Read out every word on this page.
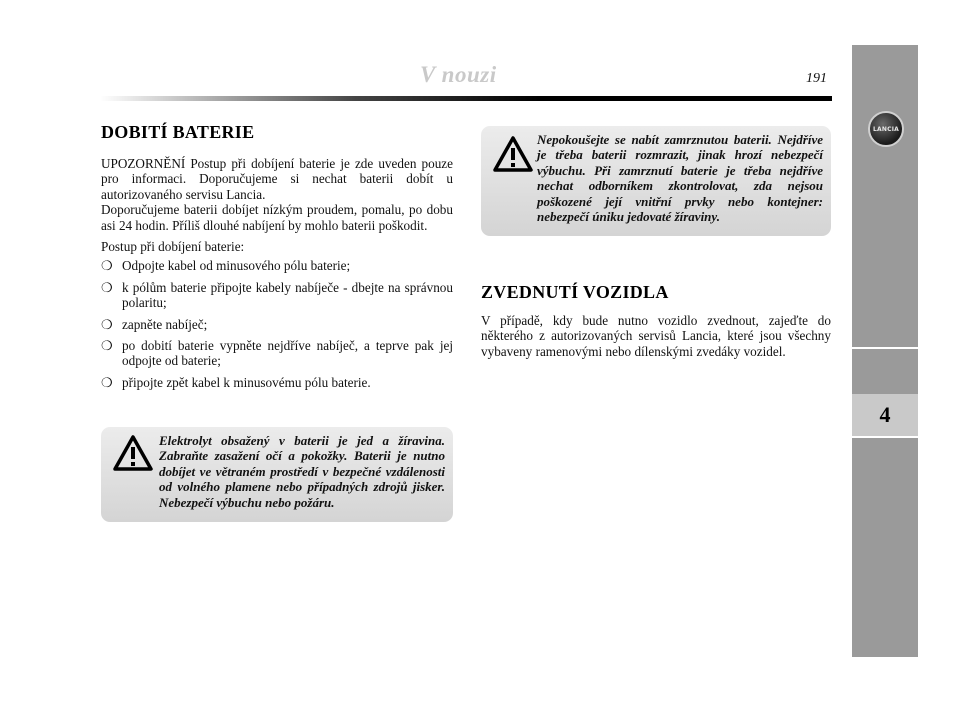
V nouzi	191
LANCIA
4
DOBITÍ BATERIE

UPOZORNĚNÍ Postup při dobíjení baterie je zde uveden pouze pro informaci. Doporučujeme si nechat baterii dobít u autorizovaného servisu Lancia.

Doporučujeme baterii dobíjet nízkým proudem, pomalu, po dobu asi 24 hodin. Příliš dlouhé nabíjení by mohlo baterii poškodit.

Postup při dobíjení baterie:

❍ Odpojte kabel od minusového pólu baterie;
❍ k pólům baterie připojte kabely nabíječe - dbejte na správnou polaritu;
❍ zapněte nabíječ;
❍ po dobití baterie vypněte nejdříve nabíječ, a teprve pak jej odpojte od baterie;
❍ připojte zpět kabel k minusovému pólu baterie.
Elektrolyt obsažený v baterii je jed a žíravina. Zabraňte zasažení očí a pokožky. Baterii je nutno dobíjet ve větraném prostředí v bezpečné vzdálenosti od volného plamene nebo případných zdrojů jisker. Nebezpečí výbuchu nebo požáru.
Nepokoušejte se nabít zamrznutou baterii. Nejdříve je třeba baterii rozmrazit, jinak hrozí nebezpečí výbuchu. Při zamrznutí baterie je třeba nejdříve nechat odborníkem zkontrolovat, zda nejsou poškozené její vnitřní prvky nebo kontejner: nebezpečí úniku jedovaté žíraviny.
ZVEDNUTÍ VOZIDLA

V případě, kdy bude nutno vozidlo zvednout, zajeďte do některého z autorizovaných servisů Lancia, které jsou všechny vybaveny ramenovými nebo dílenskými zvedáky vozidel.
